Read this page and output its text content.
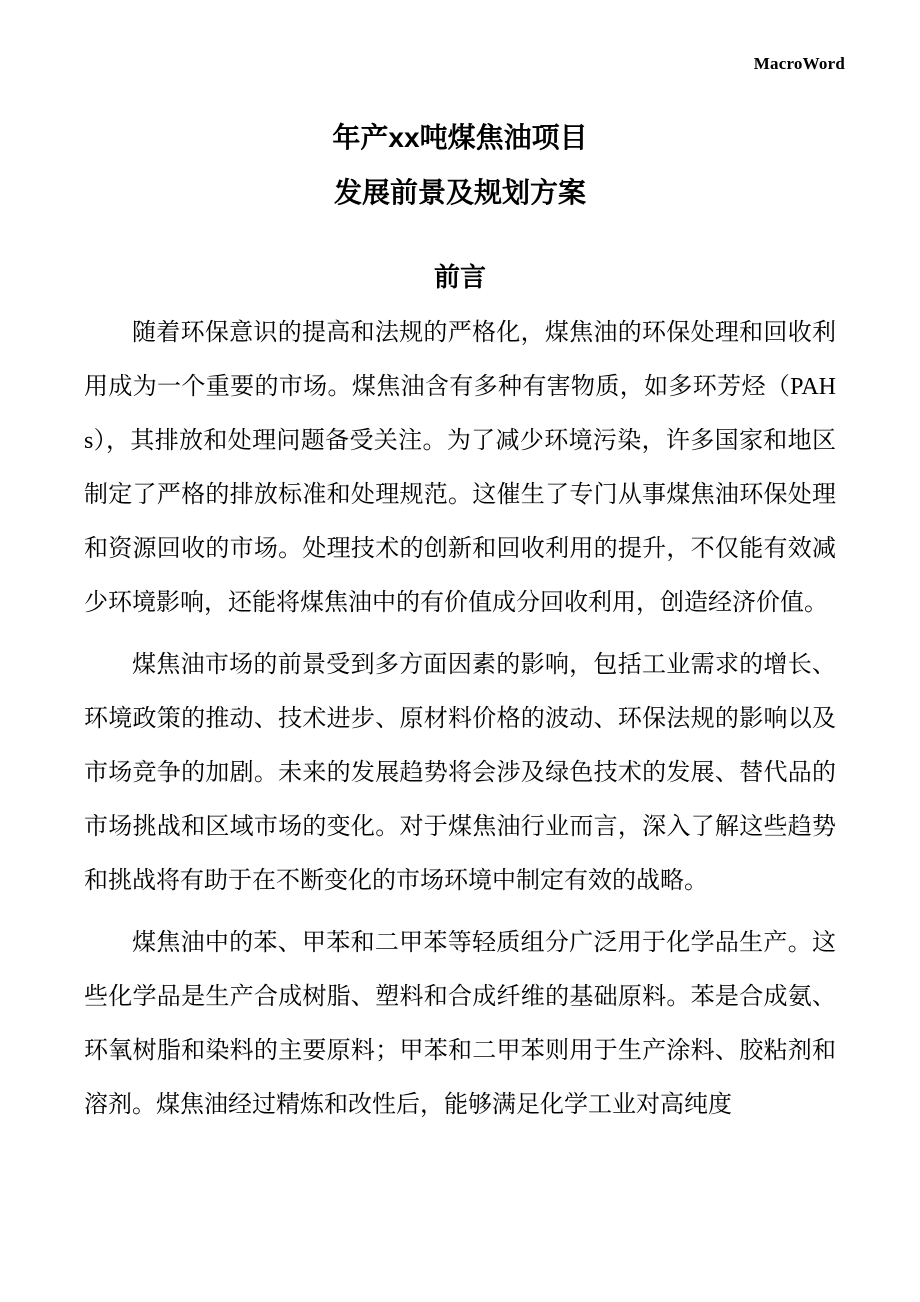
MacroWord
年产xx吨煤焦油项目
发展前景及规划方案
前言

随着环保意识的提高和法规的严格化，煤焦油的环保处理和回收利用成为一个重要的市场。煤焦油含有多种有害物质，如多环芳烃（PAHs），其排放和处理问题备受关注。为了减少环境污染，许多国家和地区制定了严格的排放标准和处理规范。这催生了专门从事煤焦油环保处理和资源回收的市场。处理技术的创新和回收利用的提升，不仅能有效减少环境影响，还能将煤焦油中的有价值成分回收利用，创造经济价值。

煤焦油市场的前景受到多方面因素的影响，包括工业需求的增长、环境政策的推动、技术进步、原材料价格的波动、环保法规的影响以及市场竞争的加剧。未来的发展趋势将会涉及绿色技术的发展、替代品的市场挑战和区域市场的变化。对于煤焦油行业而言，深入了解这些趋势和挑战将有助于在不断变化的市场环境中制定有效的战略。

煤焦油中的苯、甲苯和二甲苯等轻质组分广泛用于化学品生产。这些化学品是生产合成树脂、塑料和合成纤维的基础原料。苯是合成氨、环氧树脂和染料的主要原料；甲苯和二甲苯则用于生产涂料、胶粘剂和溶剂。煤焦油经过精炼和改性后，能够满足化学工业对高纯度
